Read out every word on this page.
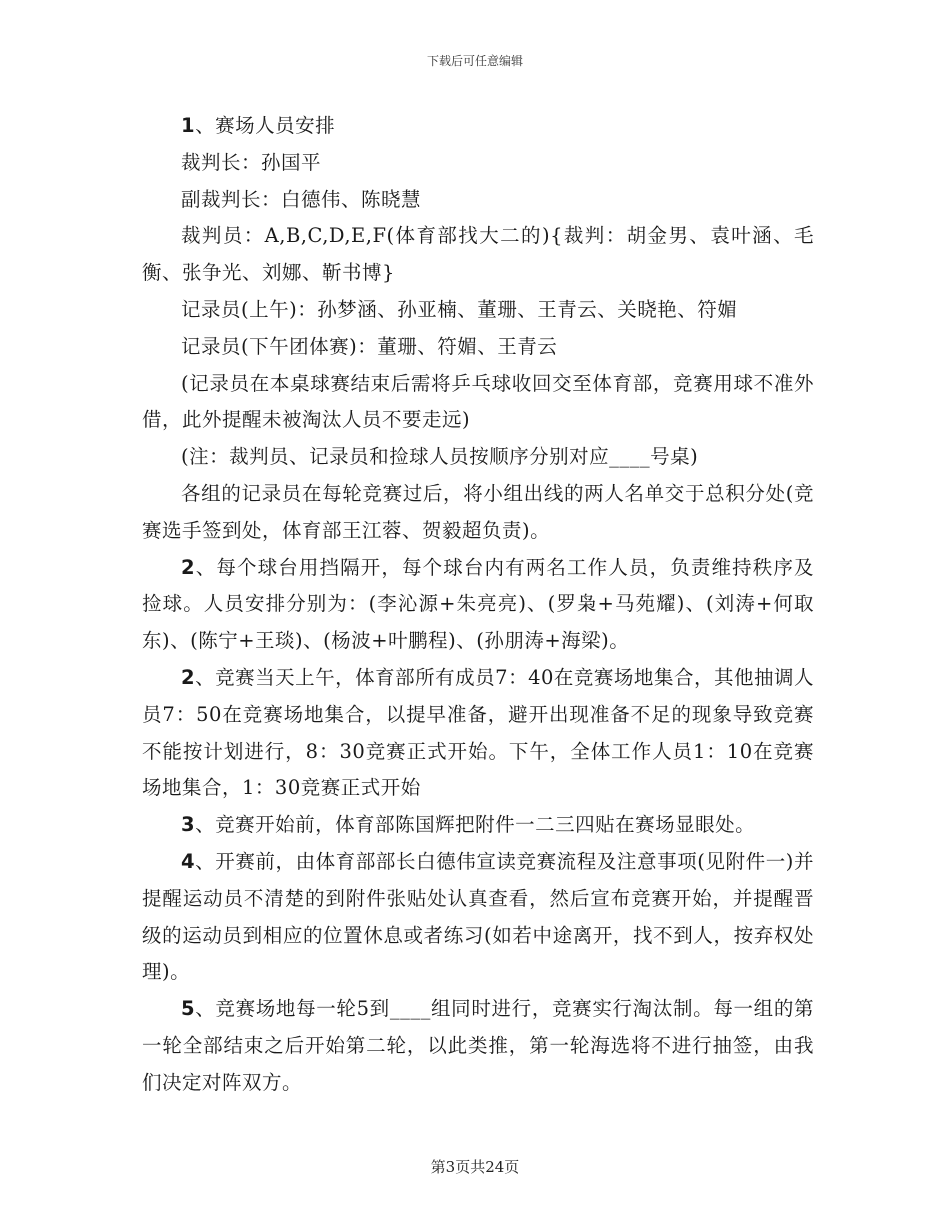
下载后可任意编辑

1、赛场人员安排

裁判长：孙国平

副裁判长：白德伟、陈晓慧

裁判员：A,B,C,D,E,F(体育部找大二的){裁判：胡金男、袁叶涵、毛衡、张争光、刘娜、靳书博}

记录员(上午)：孙梦涵、孙亚楠、董珊、王青云、关晓艳、符媚

记录员(下午团体赛)：董珊、符媚、王青云

(记录员在本桌球赛结束后需将乒乓球收回交至体育部，竞赛用球不准外借，此外提醒未被淘汰人员不要走远)

(注：裁判员、记录员和捡球人员按顺序分别对应____号桌)

各组的记录员在每轮竞赛过后，将小组出线的两人名单交于总积分处(竞赛选手签到处，体育部王江蓉、贺毅超负责)。

2、每个球台用挡隔开，每个球台内有两名工作人员，负责维持秩序及捡球。人员安排分别为：(李沁源+朱亮亮)、(罗枭+马苑耀)、(刘涛+何取东)、(陈宁+王琰)、(杨波+叶鹏程)、(孙朋涛+海梁)。

2、竞赛当天上午，体育部所有成员7：40在竞赛场地集合，其他抽调人员7：50在竞赛场地集合，以提早准备，避开出现准备不足的现象导致竞赛不能按计划进行，8：30竞赛正式开始。下午，全体工作人员1：10在竞赛场地集合，1：30竞赛正式开始

3、竞赛开始前，体育部陈国辉把附件一二三四贴在赛场显眼处。

4、开赛前，由体育部部长白德伟宣读竞赛流程及注意事项(见附件一)并提醒运动员不清楚的到附件张贴处认真查看，然后宣布竞赛开始，并提醒晋级的运动员到相应的位置休息或者练习(如若中途离开，找不到人，按弃权处理)。

5、竞赛场地每一轮5到____组同时进行，竞赛实行淘汰制。每一组的第一轮全部结束之后开始第二轮，以此类推，第一轮海选将不进行抽签，由我们决定对阵双方。

第3页共24页
